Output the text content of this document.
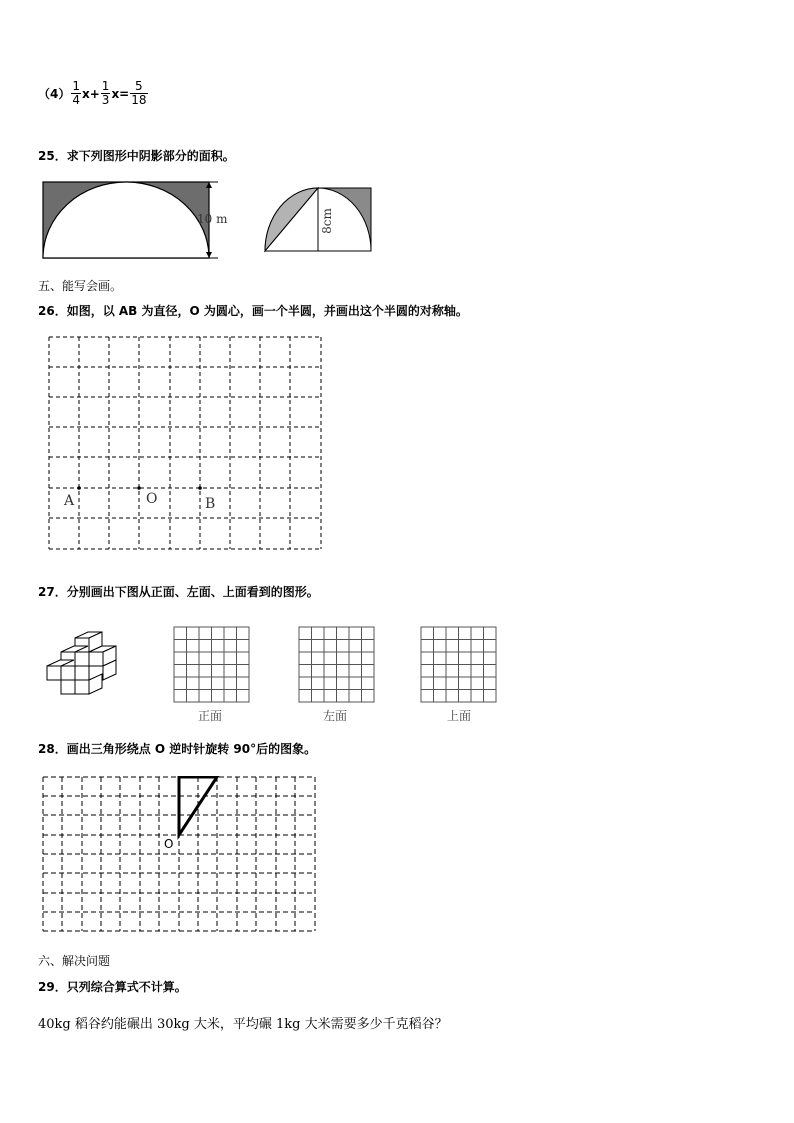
$(4) \frac{1}{4} x+ \frac{1}{3} x= \frac{5}{18}$
25．求下列图形中阴影部分的面积。
10 m	8cm
五、能写会画。
26．如图，以 AB 为直径，O 为圆心，画一个半圆，并画出这个半圆的对称轴。
A	O	B
27．分别画出下图从正面、左面、上面看到的图形。
正面	左面	上面
28．画出三角形绕点 O 逆时针旋转 90°后的图象。
O
六、解决问题
29．只列综合算式不计算。
40kg 稻谷约能碾出 30kg 大米，平均碾 1kg 大米需要多少千克稻谷？
